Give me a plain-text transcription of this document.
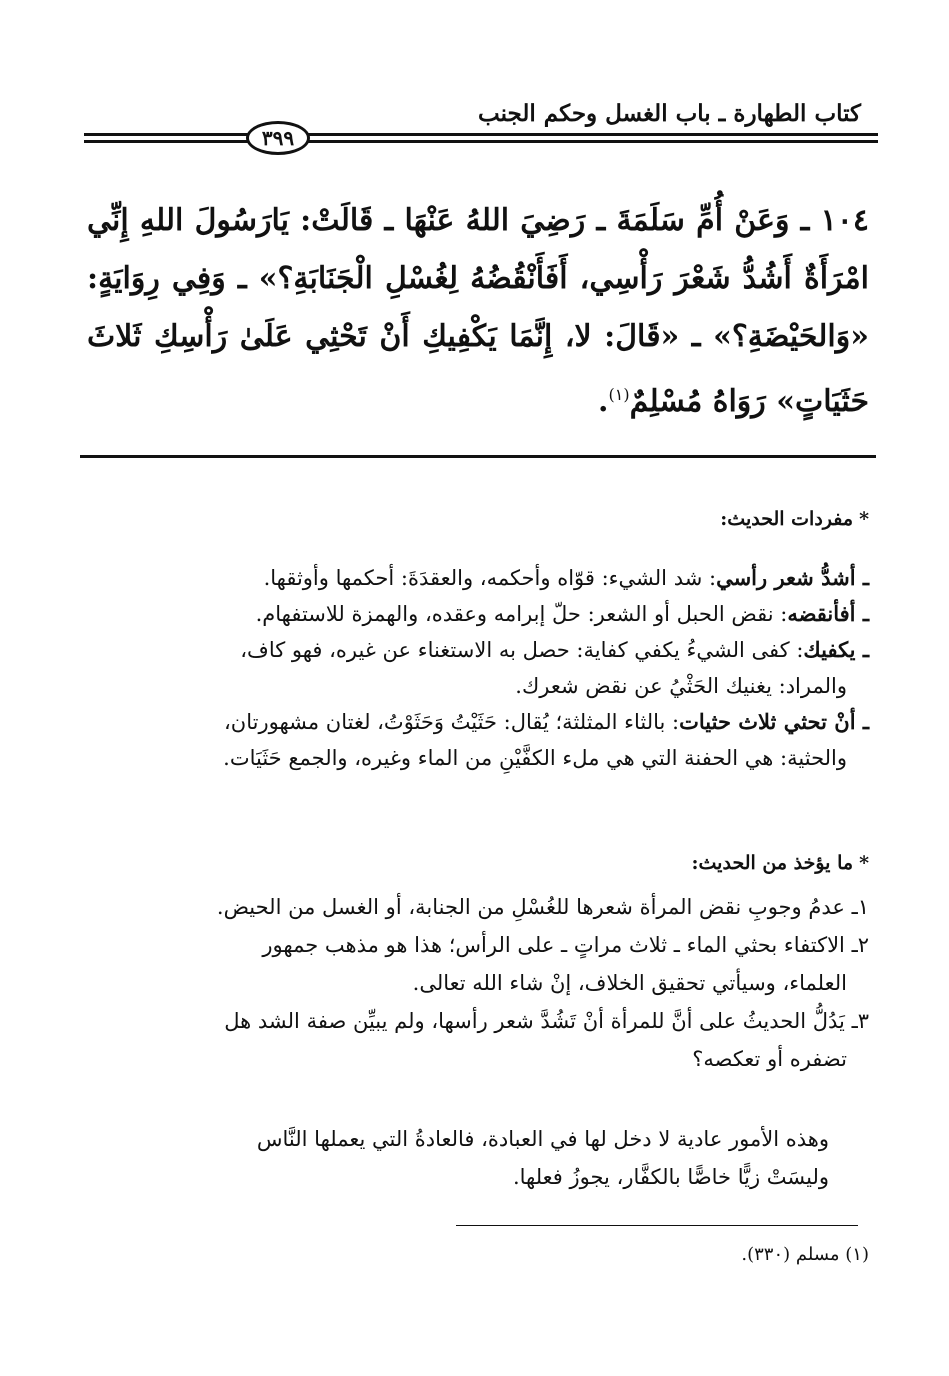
كتاب الطهارة ـ باب الغسل وحكم الجنب
٣٩٩
١٠٤ ـ وَعَنْ أُمِّ سَلَمَةَ ـ رَضِيَ اللهُ عَنْهَا ـ قَالَتْ: يَارَسُولَ اللهِ إِنِّي امْرَأَةٌ أَشُدُّ شَعْرَ رَأْسِي، أَفَأَنْقُضُهُ لِغُسْلِ الْجَنَابَةِ؟» ـ وَفِي رِوَايَةٍ: «وَالحَيْضَةِ؟» ـ «قَالَ: لا، إِنَّمَا يَكْفِيكِ أَنْ تَحْثِي عَلَىٰ رَأْسِكِ ثَلاثَ حَثَيَاتٍ» رَوَاهُ مُسْلِمٌ$^{(١)}$.
*مفردات الحديث:
ـ أشدُّ شعر رأسي: شد الشيء: قوّاه وأحكمه، والعقدَةَ: أحكمها وأوثقها.
ـ أفأنقضه: نقض الحبل أو الشعر: حلّ إبرامه وعقده، والهمزة للاستفهام.
ـ يكفيك: كفى الشيءُ يكفي كفاية: حصل به الاستغناء عن غيره، فهو كاف،
والمراد: يغنيك الحَثْيُ عن نقض شعرك.
ـ أنْ تحثي ثلاث حثيات: بالثاء المثلثة؛ يُقال: حَثَيْتُ وَحَثَوْتُ، لغتان مشهورتان،
والحثية: هي الحفنة التي هي ملء الكفَّيْنِ من الماء وغيره، والجمع حَثَيَات.
*ما يؤخذ من الحديث:
١ـ عدمُ وجوبِ نقض المرأة شعرها للغُسْلِ من الجنابة، أو الغسل من الحيض.
٢ـ الاكتفاء بحثي الماء ـ ثلاث مراتٍ ـ على الرأس؛ هذا هو مذهب جمهور
العلماء، وسيأتي تحقيق الخلاف، إنْ شاء الله تعالى.
٣ـ يَدُلُّ الحديثُ على أنَّ للمرأة أنْ تَشُدَّ شعر رأسها، ولم يبيِّن صفة الشد هل
تضفره أو تعكصه؟
وهذه الأمور عادية لا دخل لها في العبادة، فالعادةُ التي يعملها النَّاس
وليسَتْ زيًّا خاصًّا بالكفَّار، يجوزُ فعلها.
(١) مسلم (٣٣٠).
